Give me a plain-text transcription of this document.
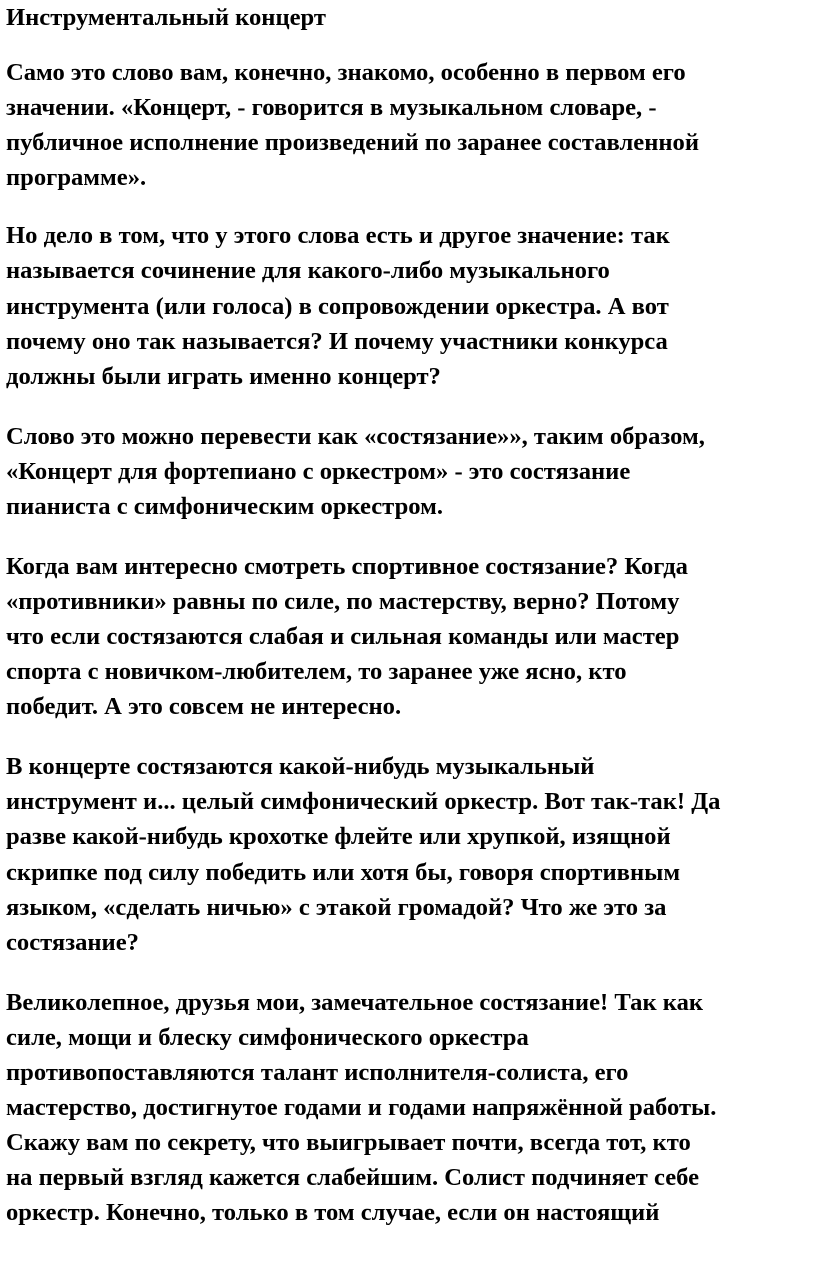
Инструментальный концерт
Само это слово вам, конечно, знакомо, особенно в первом его
значении. «Концерт, - говорится в музыкальном словаре, -
публичное исполнение произведений по заранее составленной
программе».
Но дело в том, что у этого слова есть и другое значение: так
называется сочинение для какого-либо музыкального
инструмента (или голоса) в сопровождении оркестра. А вот
почему оно так называется? И почему участники конкурса
должны были играть именно концерт?
Слово это можно перевести как «состязание»», таким образом,
«Концерт для фортепиано с оркестром» - это состязание
пианиста с симфоническим оркестром.
Когда вам интересно смотреть спортивное состязание? Когда
«противники» равны по силе, по мастерству, верно? Потому
что если состязаются слабая и сильная команды или мастер
спорта с новичком-любителем, то заранее уже ясно, кто
победит. А это совсем не интересно.
В концерте состязаются какой-нибудь музыкальный
инструмент и... целый симфонический оркестр. Вот так-так! Да
разве какой-нибудь крохотке флейте или хрупкой, изящной
скрипке под силу победить или хотя бы, говоря спортивным
языком, «сделать ничью» с этакой громадой? Что же это за
состязание?
Великолепное, друзья мои, замечательное состязание! Так как
силе, мощи и блеску симфонического оркестра
противопоставляются талант исполнителя-солиста, его
мастерство, достигнутое годами и годами напряжённой работы.
Скажу вам по секрету, что выигрывает почти, всегда тот, кто
на первый взгляд кажется слабейшим. Солист подчиняет себе
оркестр. Конечно, только в том случае, если он настоящий
